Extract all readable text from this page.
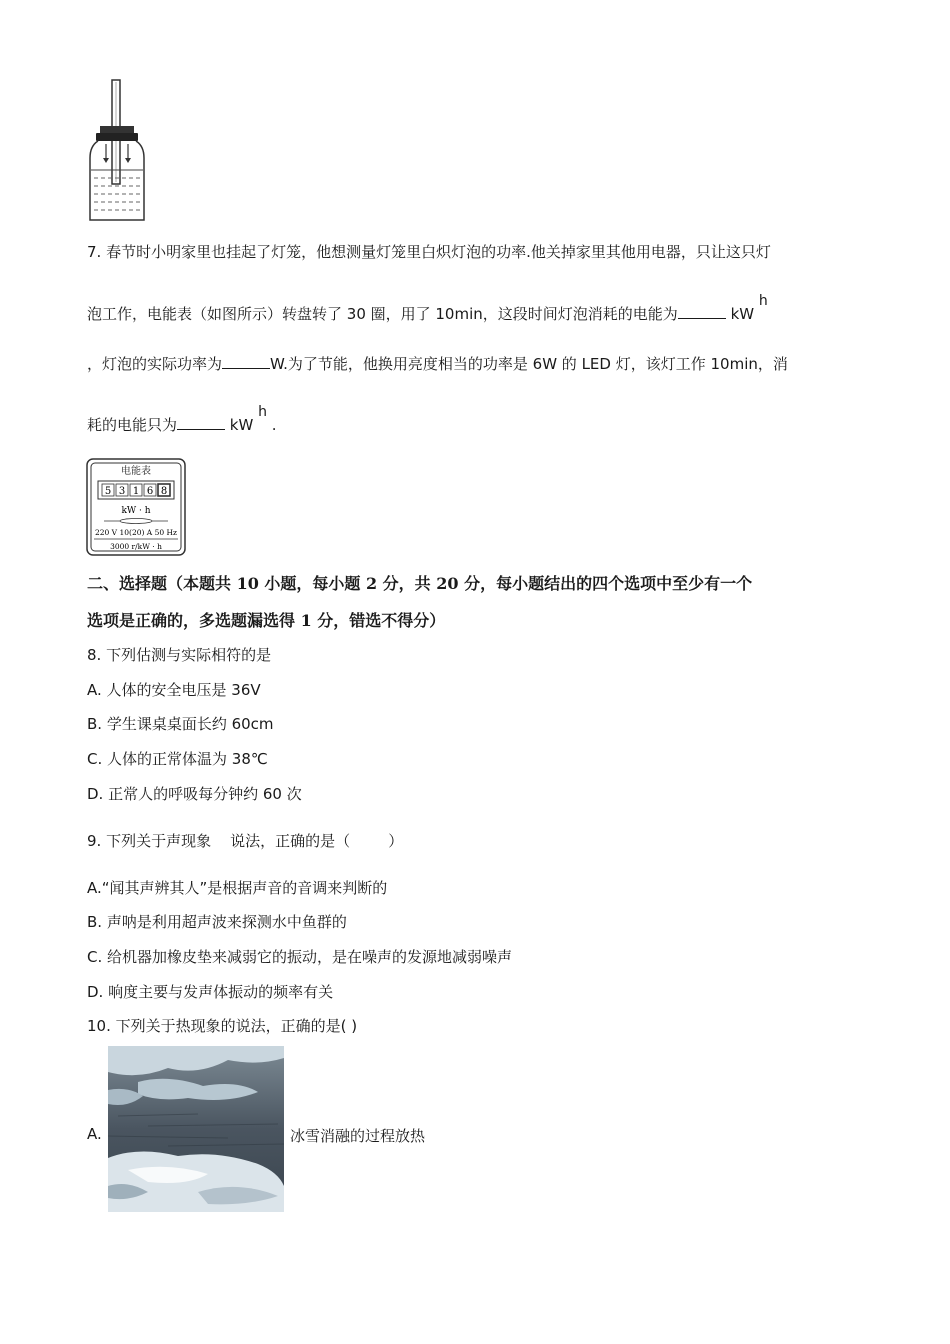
7. 春节时小明家里也挂起了灯笼，他想测量灯笼里白炽灯泡的功率.他关掉家里其他用电器，只让这只灯
泡工作，电能表（如图所示）转盘转了 30 圈，用了 10min，这段时间灯泡消耗的电能为	kW h
，灯泡的实际功率为	W.为了节能，他换用亮度相当的功率是 6W 的 LED 灯，该灯工作 10min，消
耗的电能只为	kW h .
电能表
5 3 1 6 8
kW · h
220 V 10(20) A 50 Hz
3000 r/kW · h
二、选择题（本题共 10 小题，每小题 2 分，共 20 分，每小题结出的四个选项中至少有一个
选项是正确的，多选题漏选得 1 分，错选不得分）
8. 下列估测与实际相符的是
A. 人体的安全电压是 36V
B. 学生课桌桌面长约 60cm
C. 人体的正常体温为 38℃
D. 正常人的呼吸每分钟约 60 次
9. 下列关于声现象    说法，正确的是（        ）
A.“闻其声辨其人”是根据声音的音调来判断的
B. 声呐是利用超声波来探测水中鱼群的
C. 给机器加橡皮垫来减弱它的振动，是在噪声的发源地减弱噪声
D. 响度主要与发声体振动的频率有关
10. 下列关于热现象的说法，正确的是( )
A.	冰雪消融的过程放热
